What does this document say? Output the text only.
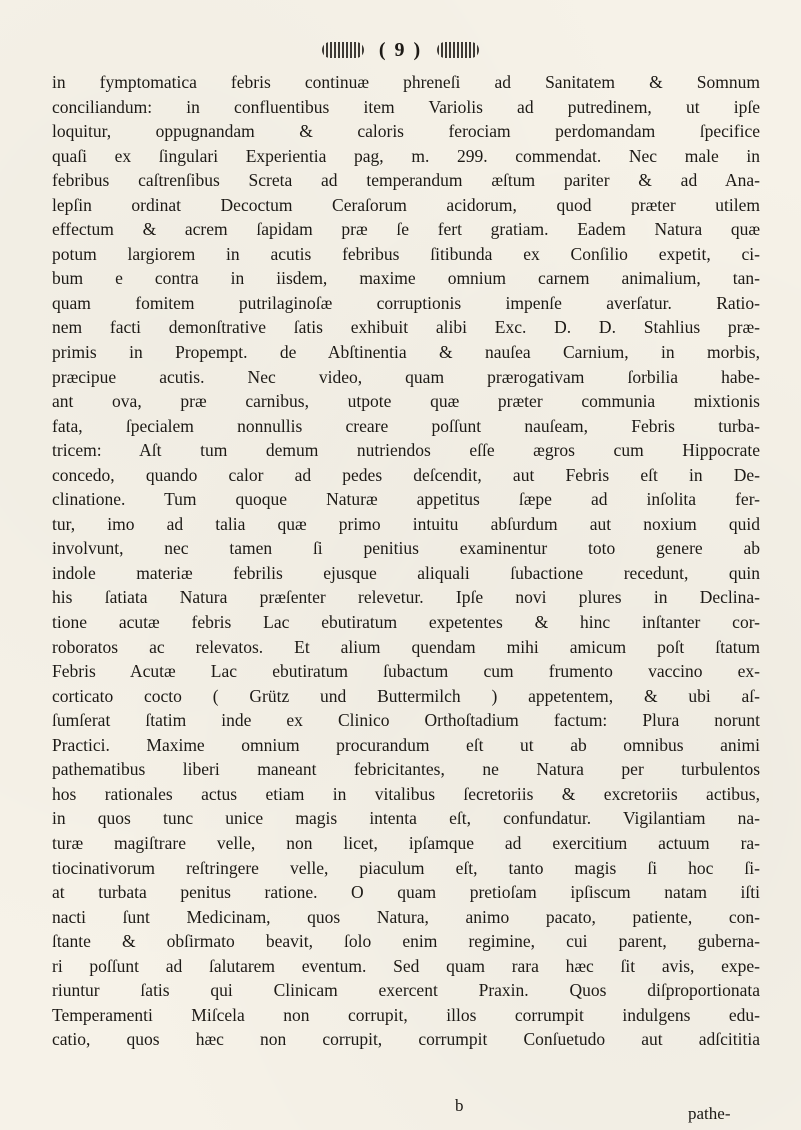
( 9 )
in fymptomatica febris continuæ phreneſi ad Sanitatem & Somnum
conciliandum: in confluentibus item Variolis ad putredinem, ut ipſe
loquitur, oppugnandam & caloris ferociam perdomandam ſpecifice
quaſi ex ſingulari Experientia pag, m. 299. commendat. Nec male in
febribus caſtrenſibus Screta ad temperandum æſtum pariter & ad Ana-
lepſin ordinat Decoctum Ceraſorum acidorum, quod præter utilem
effectum & acrem ſapidam præ ſe fert gratiam. Eadem Natura quæ
potum largiorem in acutis febribus ſitibunda ex Conſilio expetit, ci-
bum e contra in iisdem, maxime omnium carnem animalium, tan-
quam fomitem putrilaginoſæ corruptionis impenſe averſatur. Ratio-
nem facti demonſtrative ſatis exhibuit alibi Exc. D. D. Stahlius præ-
primis in Propempt. de Abſtinentia & nauſea Carnium, in morbis,
præcipue acutis. Nec video, quam prærogativam ſorbilia habe-
ant ova, præ carnibus, utpote quæ præter communia mixtionis
fata, ſpecialem nonnullis creare poſſunt nauſeam, Febris turba-
tricem: Aſt tum demum nutriendos eſſe ægros cum Hippocrate
concedo, quando calor ad pedes deſcendit, aut Febris eſt in De-
clinatione. Tum quoque Naturæ appetitus ſæpe ad inſolita fer-
tur, imo ad talia quæ primo intuitu abſurdum aut noxium quid
involvunt, nec tamen ſi penitius examinentur toto genere ab
indole materiæ febrilis ejusque aliquali ſubactione recedunt, quin
his ſatiata Natura præſenter relevetur. Ipſe novi plures in Declina-
tione acutæ febris Lac ebutiratum expetentes & hinc inſtanter cor-
roboratos ac relevatos. Et alium quendam mihi amicum poſt ſtatum
Febris Acutæ Lac ebutiratum ſubactum cum frumento vaccino ex-
corticato cocto ( Grütz und Buttermilch ) appetentem, & ubi aſ-
ſumſerat ſtatim inde ex Clinico Orthoſtadium factum: Plura norunt
Practici. Maxime omnium procurandum eſt ut ab omnibus animi
pathematibus liberi maneant febricitantes, ne Natura per turbulentos
hos rationales actus etiam in vitalibus ſecretoriis & excretoriis actibus,
in quos tunc unice magis intenta eſt, confundatur. Vigilantiam na-
turæ magiſtrare velle, non licet, ipſamque ad exercitium actuum ra-
tiocinativorum reſtringere velle, piaculum eſt, tanto magis ſi hoc ſi-
at turbata penitus ratione. O quam pretioſam ipſiscum natam iſti
nacti ſunt Medicinam, quos Natura, animo pacato, patiente, con-
ſtante & obſirmato beavit, ſolo enim regimine, cui parent, guberna-
ri poſſunt ad ſalutarem eventum. Sed quam rara hæc ſit avis, expe-
riuntur ſatis qui Clinicam exercent Praxin. Quos diſproportionata
Temperamenti Miſcela non corrupit, illos corrumpit indulgens edu-
catio, quos hæc non corrupit, corrumpit Conſuetudo aut adſcititia
b	pathe-
